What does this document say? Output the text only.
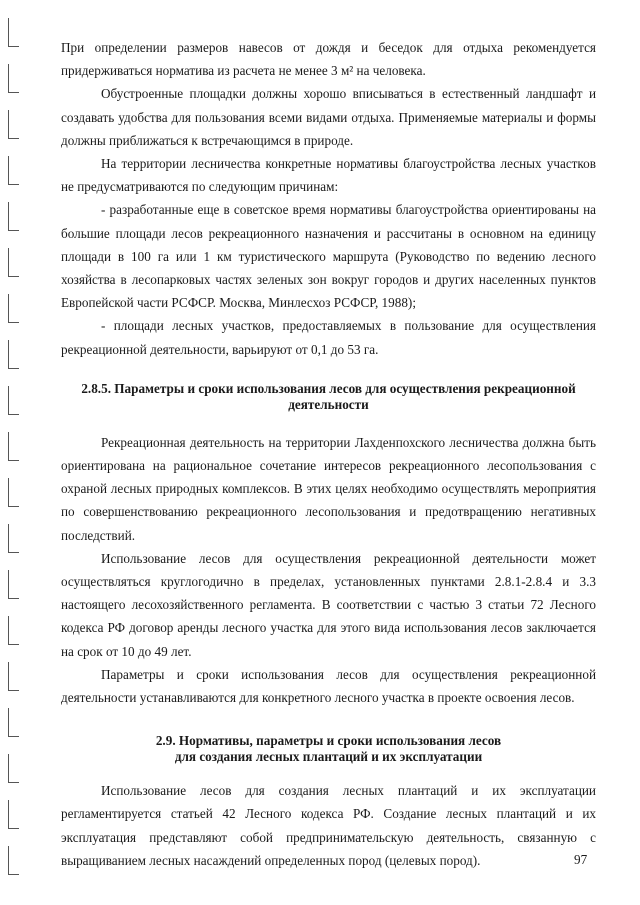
При определении размеров навесов от дождя и беседок для отдыха рекомендуется придерживаться норматива из расчета не менее 3 м² на человека.

Обустроенные площадки должны хорошо вписываться в естественный ландшафт и создавать удобства для пользования всеми видами отдыха. Применяемые материалы и формы должны приближаться к встречающимся в природе.

На территории лесничества конкретные нормативы благоустройства лесных участков не предусматриваются по следующим причинам:

- разработанные еще в советское время нормативы благоустройства ориентированы на большие площади лесов рекреационного назначения и рассчитаны в основном на единицу площади в 100 га или 1 км туристического маршрута (Руководство по ведению лесного хозяйства в лесопарковых частях зеленых зон вокруг городов и других населенных пунктов Европейской части РСФСР. Москва, Минлесхоз РСФСР, 1988);

- площади лесных участков, предоставляемых в пользование для осуществления рекреационной деятельности, варьируют от 0,1 до 53 га.

2.8.5. Параметры и сроки использования лесов для осуществления рекреационной
деятельности

Рекреационная деятельность на территории Лахденпохского лесничества должна быть ориентирована на рациональное сочетание интересов рекреационного лесопользования с охраной лесных природных комплексов. В этих целях необходимо осуществлять мероприятия по совершенствованию рекреационного лесопользования и предотвращению негативных последствий.

Использование лесов для осуществления рекреационной деятельности может осуществляться круглогодично в пределах, установленных пунктами 2.8.1-2.8.4 и 3.3 настоящего лесохозяйственного регламента. В соответствии с частью 3 статьи 72 Лесного кодекса РФ договор аренды лесного участка для этого вида использования лесов заключается на срок от 10 до 49 лет.

Параметры и сроки использования лесов для осуществления рекреационной деятельности устанавливаются для конкретного лесного участка в проекте освоения лесов.

2.9. Нормативы, параметры и сроки использования лесов
для создания лесных плантаций и их эксплуатации

Использование лесов для создания лесных плантаций и их эксплуатации регламентируется статьей 42 Лесного кодекса РФ. Создание лесных плантаций и их эксплуатация представляют собой предпринимательскую деятельность, связанную с выращиванием лесных насаждений определенных пород (целевых пород).	97
